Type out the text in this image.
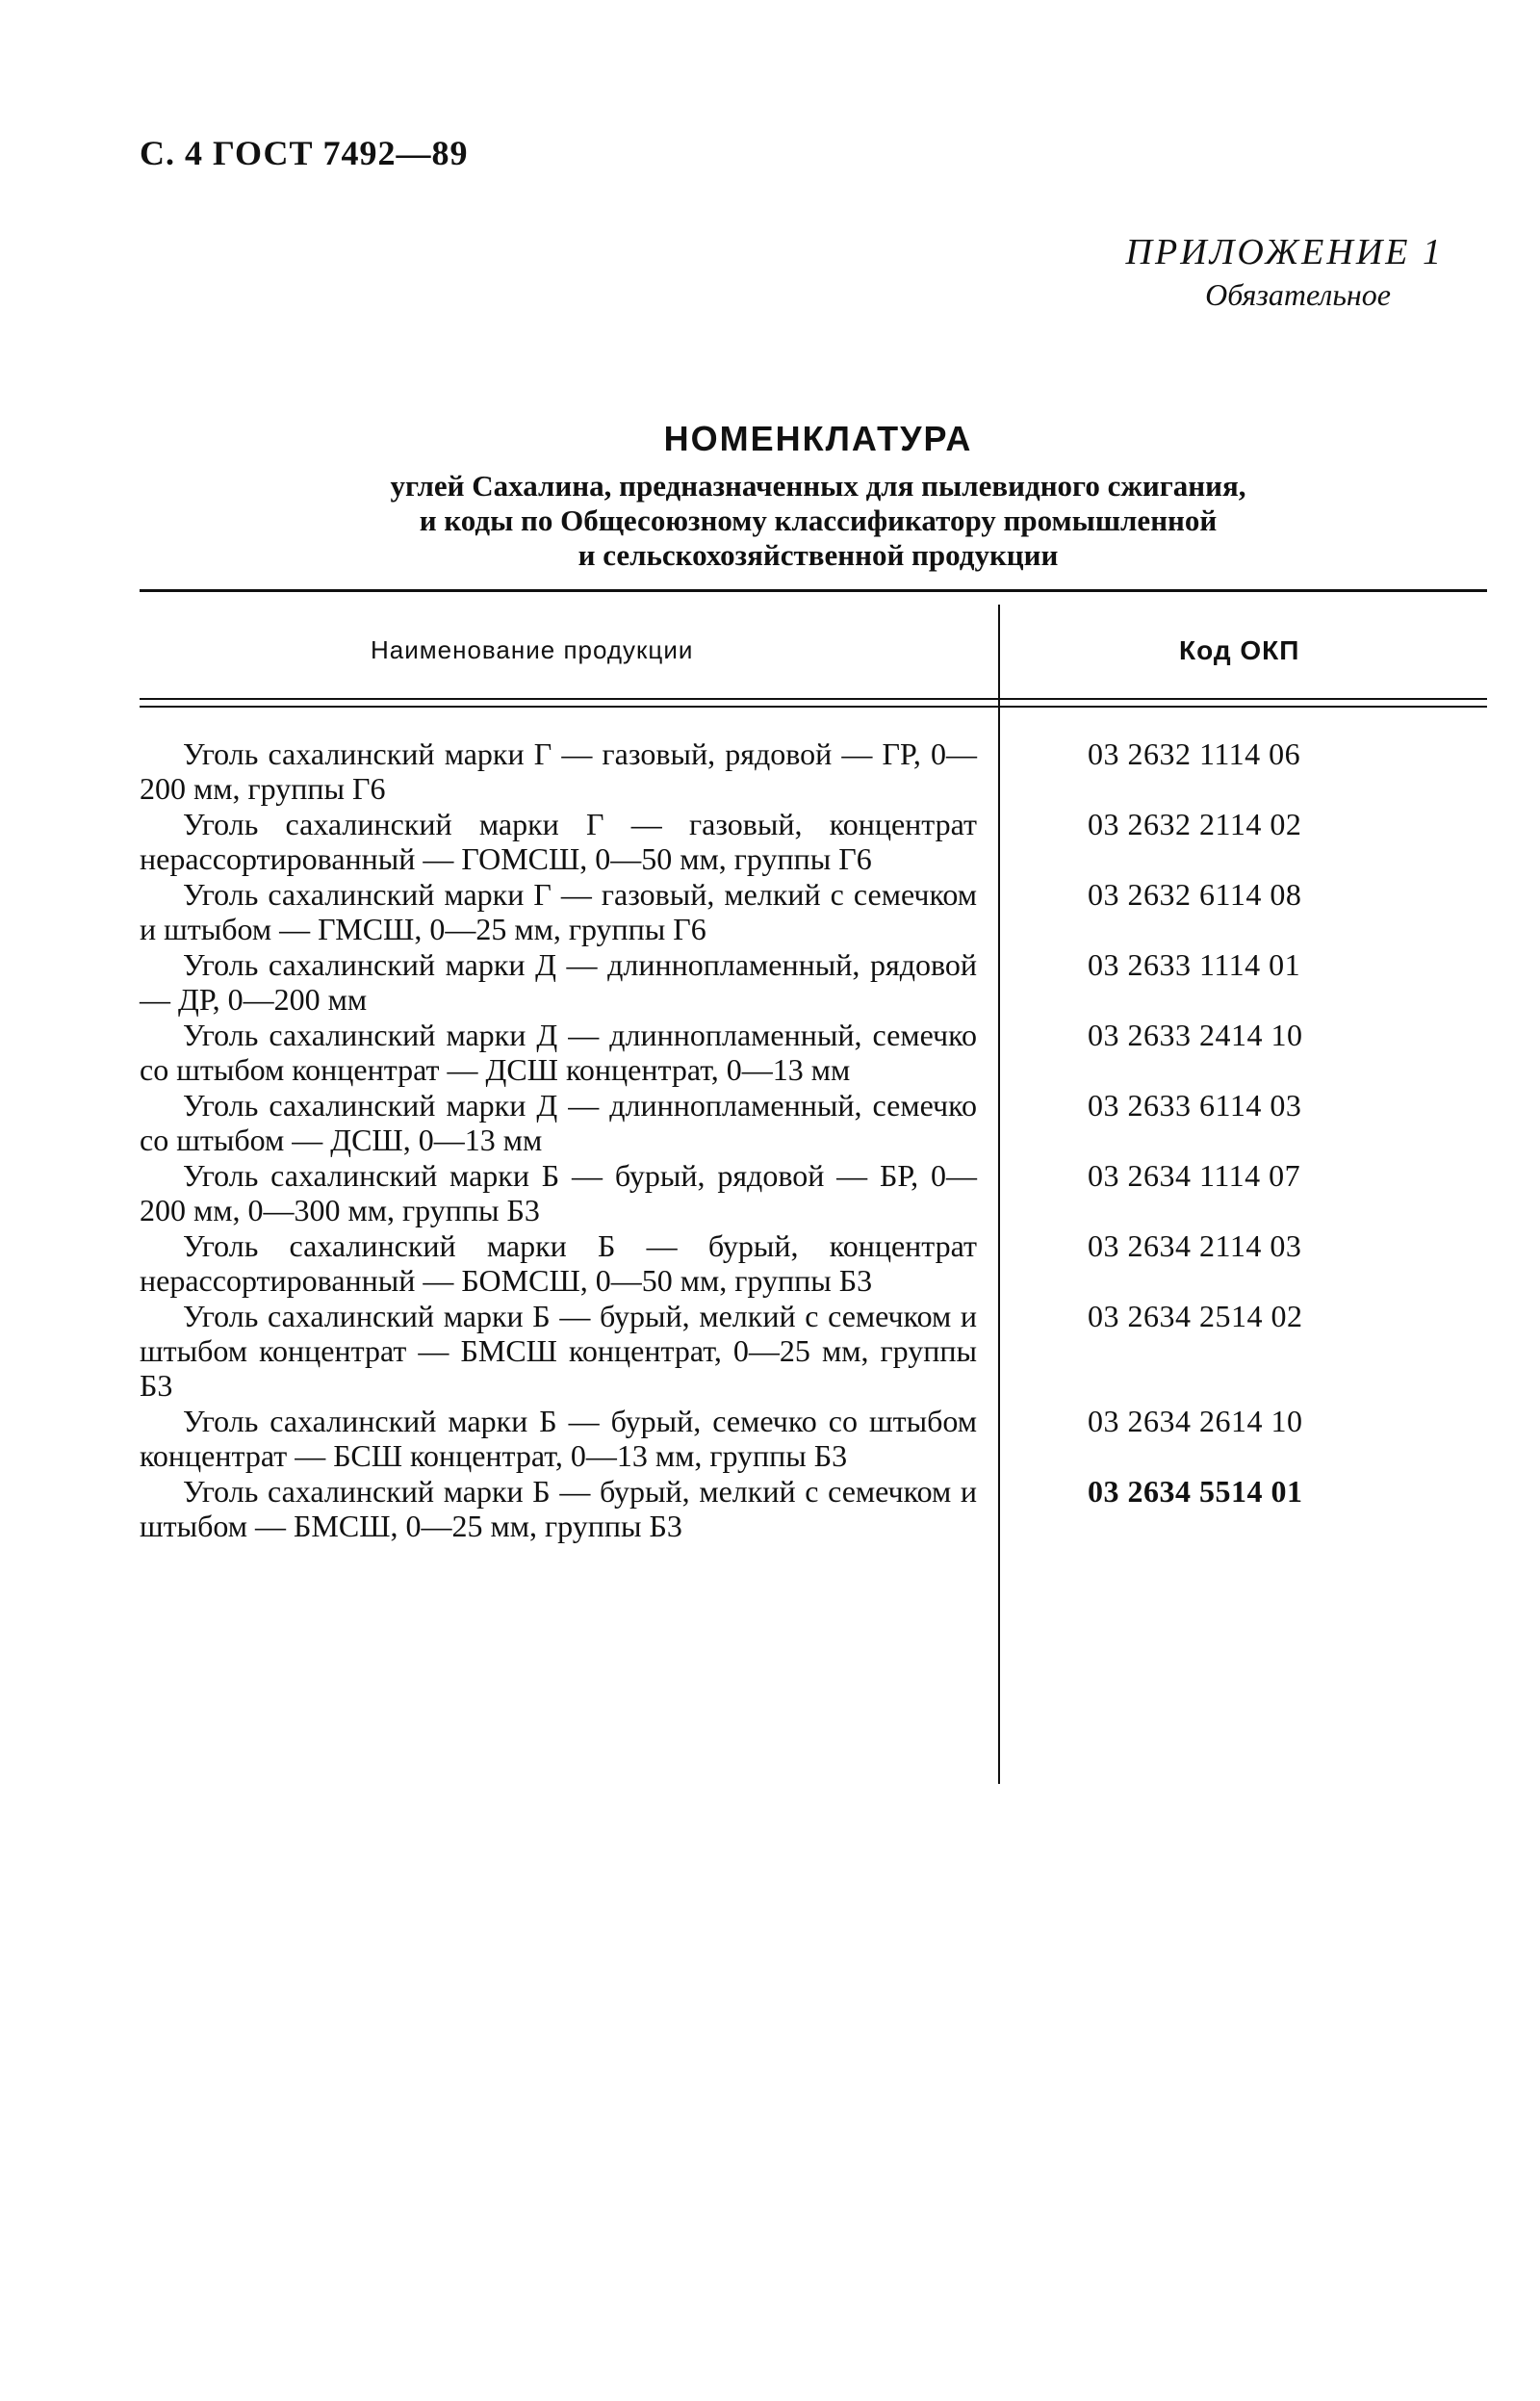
С. 4 ГОСТ 7492—89
ПРИЛОЖЕНИЕ 1
Обязательное
НОМЕНКЛАТУРА
углей Сахалина, предназначенных для пылевидного сжигания,
и коды по Общесоюзному классификатору промышленной
и сельскохозяйственной продукции
Наименование продукции	Код ОКП
Уголь сахалинский марки Г — газовый, рядовой — ГР, 0—200 мм, группы Г6
03 2632 1114 06
Уголь сахалинский марки Г — газовый, концентрат нерассортированный — ГОМСШ, 0—50 мм, группы Г6
03 2632 2114 02
Уголь сахалинский марки Г — газовый, мелкий с семечком и штыбом — ГМСШ, 0—25 мм, группы Г6
03 2632 6114 08
Уголь сахалинский марки Д — длиннопламенный, рядовой — ДР, 0—200 мм
03 2633 1114 01
Уголь сахалинский марки Д — длиннопламенный, семечко со штыбом концентрат — ДСШ концентрат, 0—13 мм
03 2633 2414 10
Уголь сахалинский марки Д — длиннопламенный, семечко со штыбом — ДСШ, 0—13 мм
03 2633 6114 03
Уголь сахалинский марки Б — бурый, рядовой — БР, 0—200 мм, 0—300 мм, группы Б3
03 2634 1114 07
Уголь сахалинский марки Б — бурый, концентрат нерассортированный — БОМСШ, 0—50 мм, группы Б3
03 2634 2114 03
Уголь сахалинский марки Б — бурый, мелкий с семечком и штыбом концентрат — БМСШ концентрат, 0—25 мм, группы Б3
03 2634 2514 02
Уголь сахалинский марки Б — бурый, семечко со штыбом концентрат — БСШ концентрат, 0—13 мм, группы Б3
03 2634 2614 10
Уголь сахалинский марки Б — бурый, мелкий с семечком и штыбом — БМСШ, 0—25 мм, группы Б3
03 2634 5514 01
